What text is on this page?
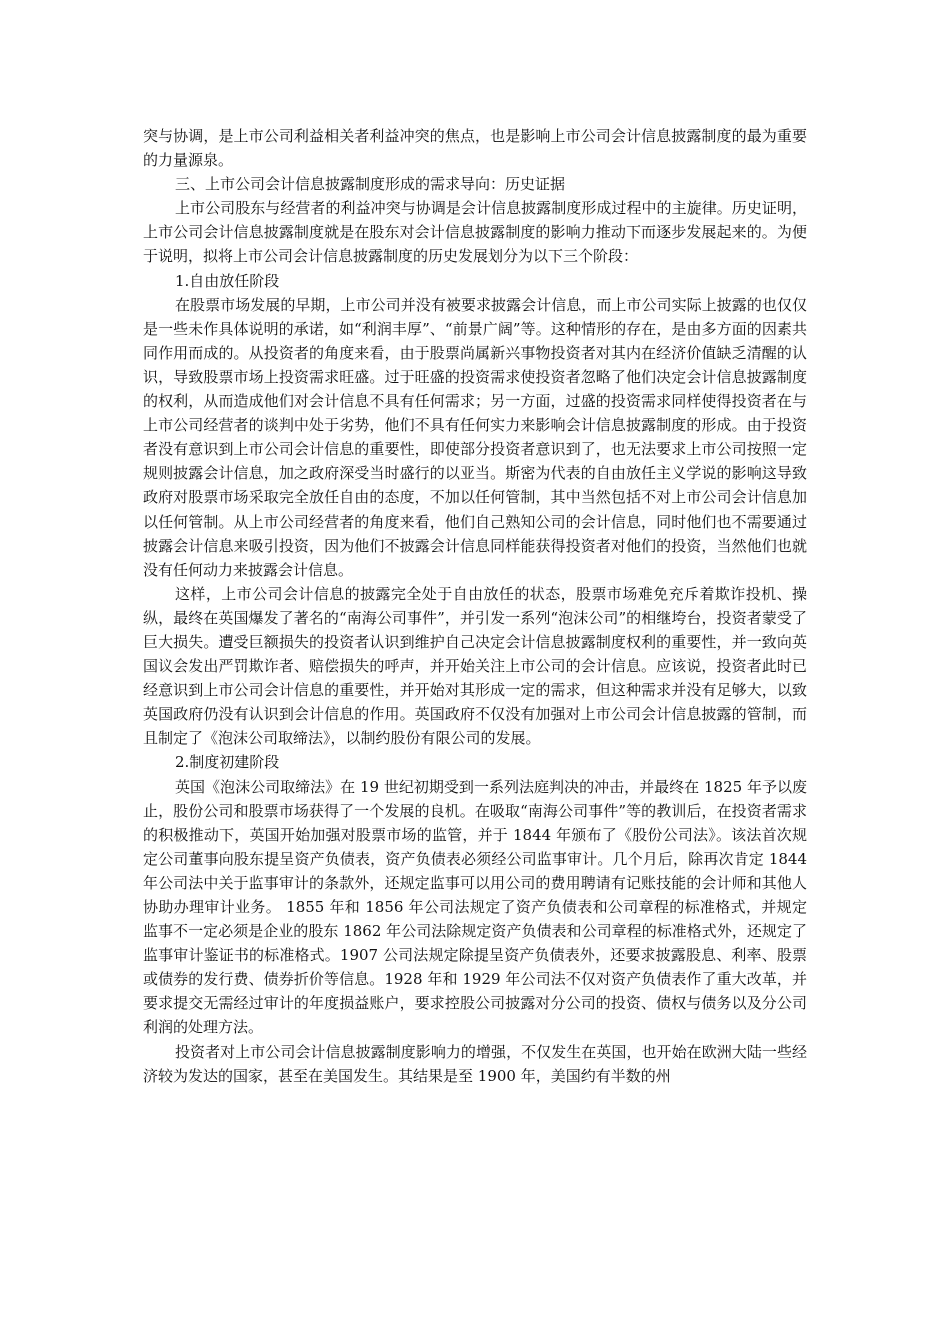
突与协调，是上市公司利益相关者利益冲突的焦点，也是影响上市公司会计信息披露制度的最为重要的力量源泉。

三、上市公司会计信息披露制度形成的需求导向：历史证据

上市公司股东与经营者的利益冲突与协调是会计信息披露制度形成过程中的主旋律。历史证明，上市公司会计信息披露制度就是在股东对会计信息披露制度的影响力推动下而逐步发展起来的。为便于说明，拟将上市公司会计信息披露制度的历史发展划分为以下三个阶段：

1.自由放任阶段

在股票市场发展的早期，上市公司并没有被要求披露会计信息，而上市公司实际上披露的也仅仅是一些未作具体说明的承诺，如“利润丰厚”、“前景广阔”等。这种情形的存在，是由多方面的因素共同作用而成的。从投资者的角度来看，由于股票尚属新兴事物投资者对其内在经济价值缺乏清醒的认识，导致股票市场上投资需求旺盛。过于旺盛的投资需求使投资者忽略了他们决定会计信息披露制度的权利，从而造成他们对会计信息不具有任何需求；另一方面，过盛的投资需求同样使得投资者在与上市公司经营者的谈判中处于劣势，他们不具有任何实力来影响会计信息披露制度的形成。由于投资者没有意识到上市公司会计信息的重要性，即使部分投资者意识到了，也无法要求上市公司按照一定规则披露会计信息，加之政府深受当时盛行的以亚当。斯密为代表的自由放任主义学说的影响这导致政府对股票市场采取完全放任自由的态度，不加以任何管制，其中当然包括不对上市公司会计信息加以任何管制。从上市公司经营者的角度来看，他们自己熟知公司的会计信息，同时他们也不需要通过披露会计信息来吸引投资，因为他们不披露会计信息同样能获得投资者对他们的投资，当然他们也就没有任何动力来披露会计信息。

这样，上市公司会计信息的披露完全处于自由放任的状态，股票市场难免充斥着欺诈投机、操纵，最终在英国爆发了著名的“南海公司事件”，并引发一系列“泡沫公司”的相继垮台，投资者蒙受了巨大损失。遭受巨额损失的投资者认识到维护自己决定会计信息披露制度权利的重要性，并一致向英国议会发出严罚欺诈者、赔偿损失的呼声，并开始关注上市公司的会计信息。应该说，投资者此时已经意识到上市公司会计信息的重要性，并开始对其形成一定的需求，但这种需求并没有足够大，以致英国政府仍没有认识到会计信息的作用。英国政府不仅没有加强对上市公司会计信息披露的管制，而且制定了《泡沫公司取缔法》，以制约股份有限公司的发展。

2.制度初建阶段

英国《泡沫公司取缔法》在 19 世纪初期受到一系列法庭判决的冲击，并最终在 1825 年予以废止，股份公司和股票市场获得了一个发展的良机。在吸取“南海公司事件”等的教训后，在投资者需求的积极推动下，英国开始加强对股票市场的监管，并于 1844 年颁布了《股份公司法》。该法首次规定公司董事向股东提呈资产负债表，资产负债表必须经公司监事审计。几个月后，除再次肯定 1844 年公司法中关于监事审计的条款外，还规定监事可以用公司的费用聘请有记账技能的会计师和其他人协助办理审计业务。 1855 年和 1856 年公司法规定了资产负债表和公司章程的标准格式，并规定监事不一定必须是企业的股东 1862 年公司法除规定资产负债表和公司章程的标准格式外，还规定了监事审计鉴证书的标准格式。1907 公司法规定除提呈资产负债表外，还要求披露股息、利率、股票或债券的发行费、债券折价等信息。1928 年和 1929 年公司法不仅对资产负债表作了重大改革，并要求提交无需经过审计的年度损益账户，要求控股公司披露对分公司的投资、债权与债务以及分公司利润的处理方法。

投资者对上市公司会计信息披露制度影响力的增强，不仅发生在英国，也开始在欧洲大陆一些经济较为发达的国家，甚至在美国发生。其结果是至 1900 年，美国约有半数的州
